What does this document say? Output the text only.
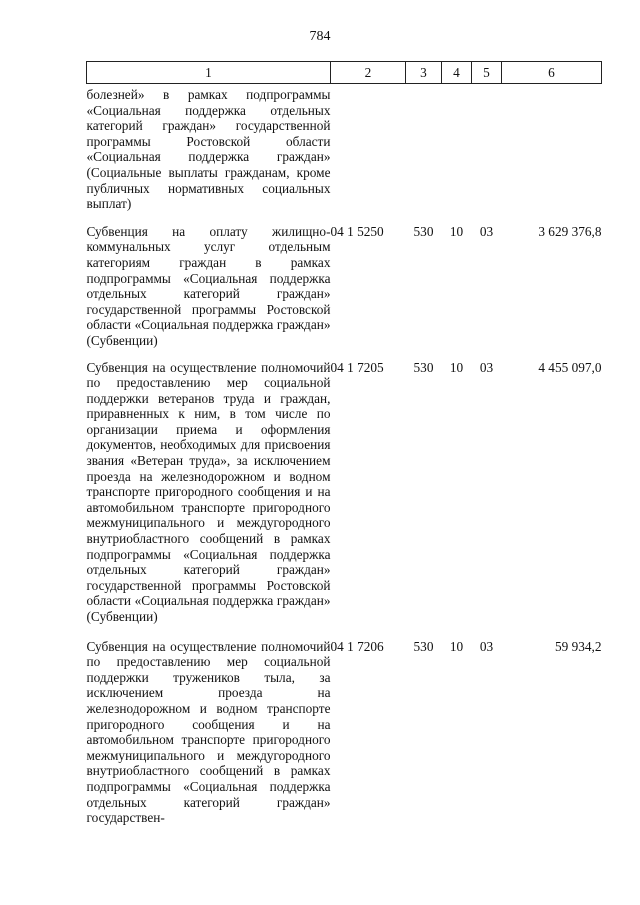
784
1	2	3	4	5	6
болезней» в рамках подпрограммы «Социальная поддержка отдельных категорий граждан» государственной программы Ростовской области «Социальная поддержка граждан» (Социальные выплаты гражданам, кроме публичных нормативных социальных выплат)					
Субвенция на оплату жилищно-коммунальных услуг отдельным категориям граждан в рамках подпрограммы «Социальная поддержка отдельных категорий граждан» государственной программы Ростовской области «Социальная поддержка граждан» (Субвенции)	04 1 5250	530	10	03	3 629 376,8
Субвенция на осуществление полномочий по предоставлению мер социальной поддержки ветеранов труда и граждан, приравненных к ним, в том числе по организации приема и оформления документов, необходимых для присвоения звания «Ветеран труда», за исключением проезда на железнодорожном и водном транспорте пригородного сообщения и на автомобильном транспорте пригородного межмуниципального и междугородного внутриобластного сообщений в рамках подпрограммы «Социальная поддержка отдельных категорий граждан» государственной программы Ростовской области «Социальная поддержка граждан» (Субвенции)	04 1 7205	530	10	03	4 455 097,0
Субвенция на осуществление полномочий по предоставлению мер социальной поддержки тружеников тыла, за исключением проезда на железнодорожном и водном транспорте пригородного сообщения и на автомобильном транспорте пригородного межмуниципального и междугородного внутриобластного сообщений в рамках подпрограммы «Социальная поддержка отдельных категорий граждан» государствен-	04 1 7206	530	10	03	59 934,2
